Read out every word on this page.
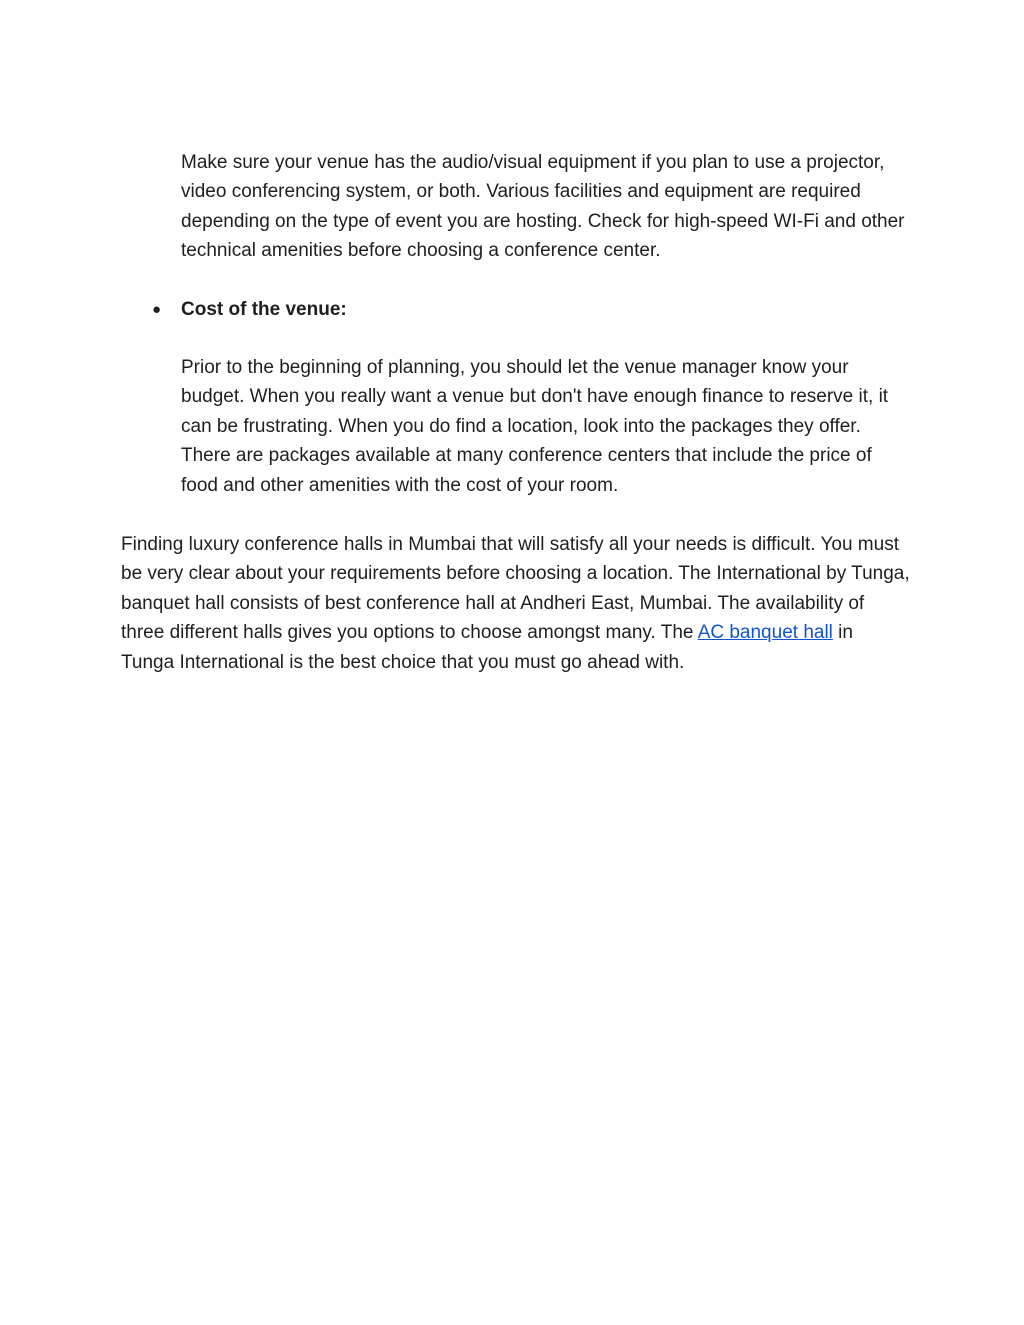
Make sure your venue has the audio/visual equipment if you plan to use a projector, video conferencing system, or both. Various facilities and equipment are required depending on the type of event you are hosting. Check for high-speed WI-Fi and other technical amenities before choosing a conference center.

● Cost of the venue:

Prior to the beginning of planning, you should let the venue manager know your budget. When you really want a venue but don't have enough finance to reserve it, it can be frustrating. When you do find a location, look into the packages they offer. There are packages available at many conference centers that include the price of food and other amenities with the cost of your room.

Finding luxury conference halls in Mumbai that will satisfy all your needs is difficult. You must be very clear about your requirements before choosing a location. The International by Tunga, banquet hall consists of best conference hall at Andheri East, Mumbai. The availability of three different halls gives you options to choose amongst many. The AC banquet hall in Tunga International is the best choice that you must go ahead with.
